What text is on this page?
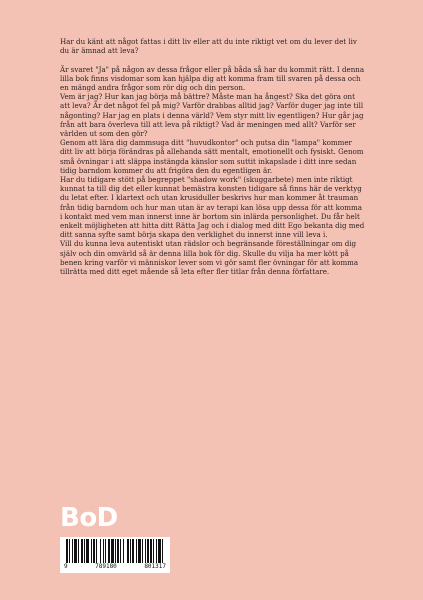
Har du känt att något fattas i ditt liv eller att du inte riktigt vet om du lever det liv du är ämnad att leva?

Är svaret "Ja" på någon av dessa frågor eller på båda så har du kommit rätt. I denna lilla bok finns visdomar som kan hjälpa dig att komma fram till svaren på dessa och en mängd andra frågor som rör dig och din person.
Vem är jag? Hur kan jag börja må bättre? Måste man ha ångest? Ska det göra ont att leva? Är det något fel på mig? Varför drabbas alltid jag? Varför duger jag inte till någonting? Har jag en plats i denna värld? Vem styr mitt liv egentligen? Hur går jag från att bara överleva till att leva på riktigt? Vad är meningen med allt? Varför ser världen ut som den gör?
Genom att lära dig dammsuga ditt "huvudkontor" och putsa din "lampa" kommer ditt liv att börja förändras på allehanda sätt mentalt, emotionellt och fysiskt. Genom små övningar i att släppa instängda känslor som suttit inkapslade i ditt inre sedan tidig barndom kommer du att frigöra den du egentligen är.
Har du tidigare stött på begreppet "shadow work" (skuggarbete) men inte riktigt kunnat ta till dig det eller kunnat bemästra konsten tidigare så finns här de verktyg du letat efter. I klartext och utan krusiduller beskrivs hur man kommer åt trauman från tidig barndom och hur man utan är av terapi kan lösa upp dessa för att komma i kontakt med vem man innerst inne är bortom sin inlärda personlighet. Du får helt enkelt möjligheten att hitta ditt Rätta Jag och i dialog med ditt Ego bekanta dig med ditt sanna syfte samt börja skapa den verklighet du innerst inne vill leva i.
Vill du kunna leva autentiskt utan rädslor och begränsande föreställningar om dig själv och din omvärld så är denna lilla bok för dig. Skulle du vilja ha mer kött på benen kring varför vi människor lever som vi gör samt fler övningar för att komma tillrätta med ditt eget mående så leta efter fler titlar från denna författare.

BoD
9	789180	801317
